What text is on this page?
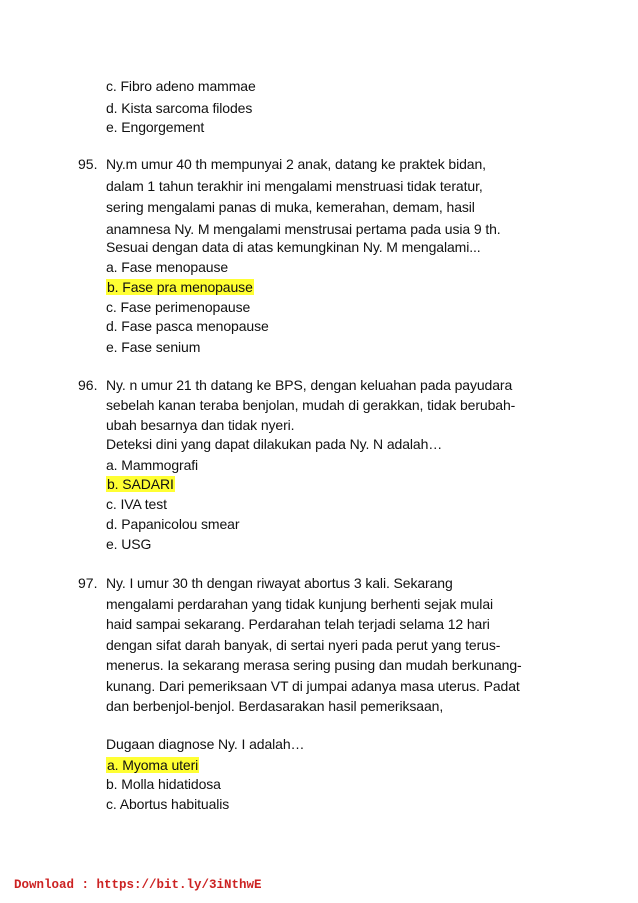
c. Fibro adeno mammae
d. Kista sarcoma filodes
e. Engorgement
95. Ny.m umur 40 th mempunyai 2 anak, datang ke praktek bidan,
dalam 1 tahun terakhir ini mengalami menstruasi tidak teratur,
sering mengalami panas di muka, kemerahan, demam, hasil
anamnesa Ny. M mengalami menstrusai pertama pada usia 9 th.
Sesuai dengan data di atas kemungkinan Ny. M mengalami...
a. Fase menopause
b. Fase pra menopause
c. Fase perimenopause
d. Fase pasca menopause
e. Fase senium
96. Ny. n umur 21 th datang ke BPS, dengan keluahan pada payudara
sebelah kanan teraba benjolan, mudah di gerakkan, tidak berubah-
ubah besarnya dan tidak nyeri.
Deteksi dini yang dapat dilakukan pada Ny. N adalah…
a. Mammografi
b. SADARI
c. IVA test
d. Papanicolou smear
e. USG
97. Ny. I umur 30 th dengan riwayat abortus 3 kali. Sekarang
mengalami perdarahan yang tidak kunjung berhenti sejak mulai
haid sampai sekarang. Perdarahan telah terjadi selama 12 hari
dengan sifat darah banyak, di sertai nyeri pada perut yang terus-
menerus. Ia sekarang merasa sering pusing dan mudah berkunang-
kunang. Dari pemeriksaan VT di jumpai adanya masa uterus. Padat
dan berbenjol-benjol. Berdasarakan hasil pemeriksaan,
Dugaan diagnose Ny. I adalah…
a. Myoma uteri
b. Molla hidatidosa
c. Abortus habitualis
Download : https://bit.ly/3iNthwE
